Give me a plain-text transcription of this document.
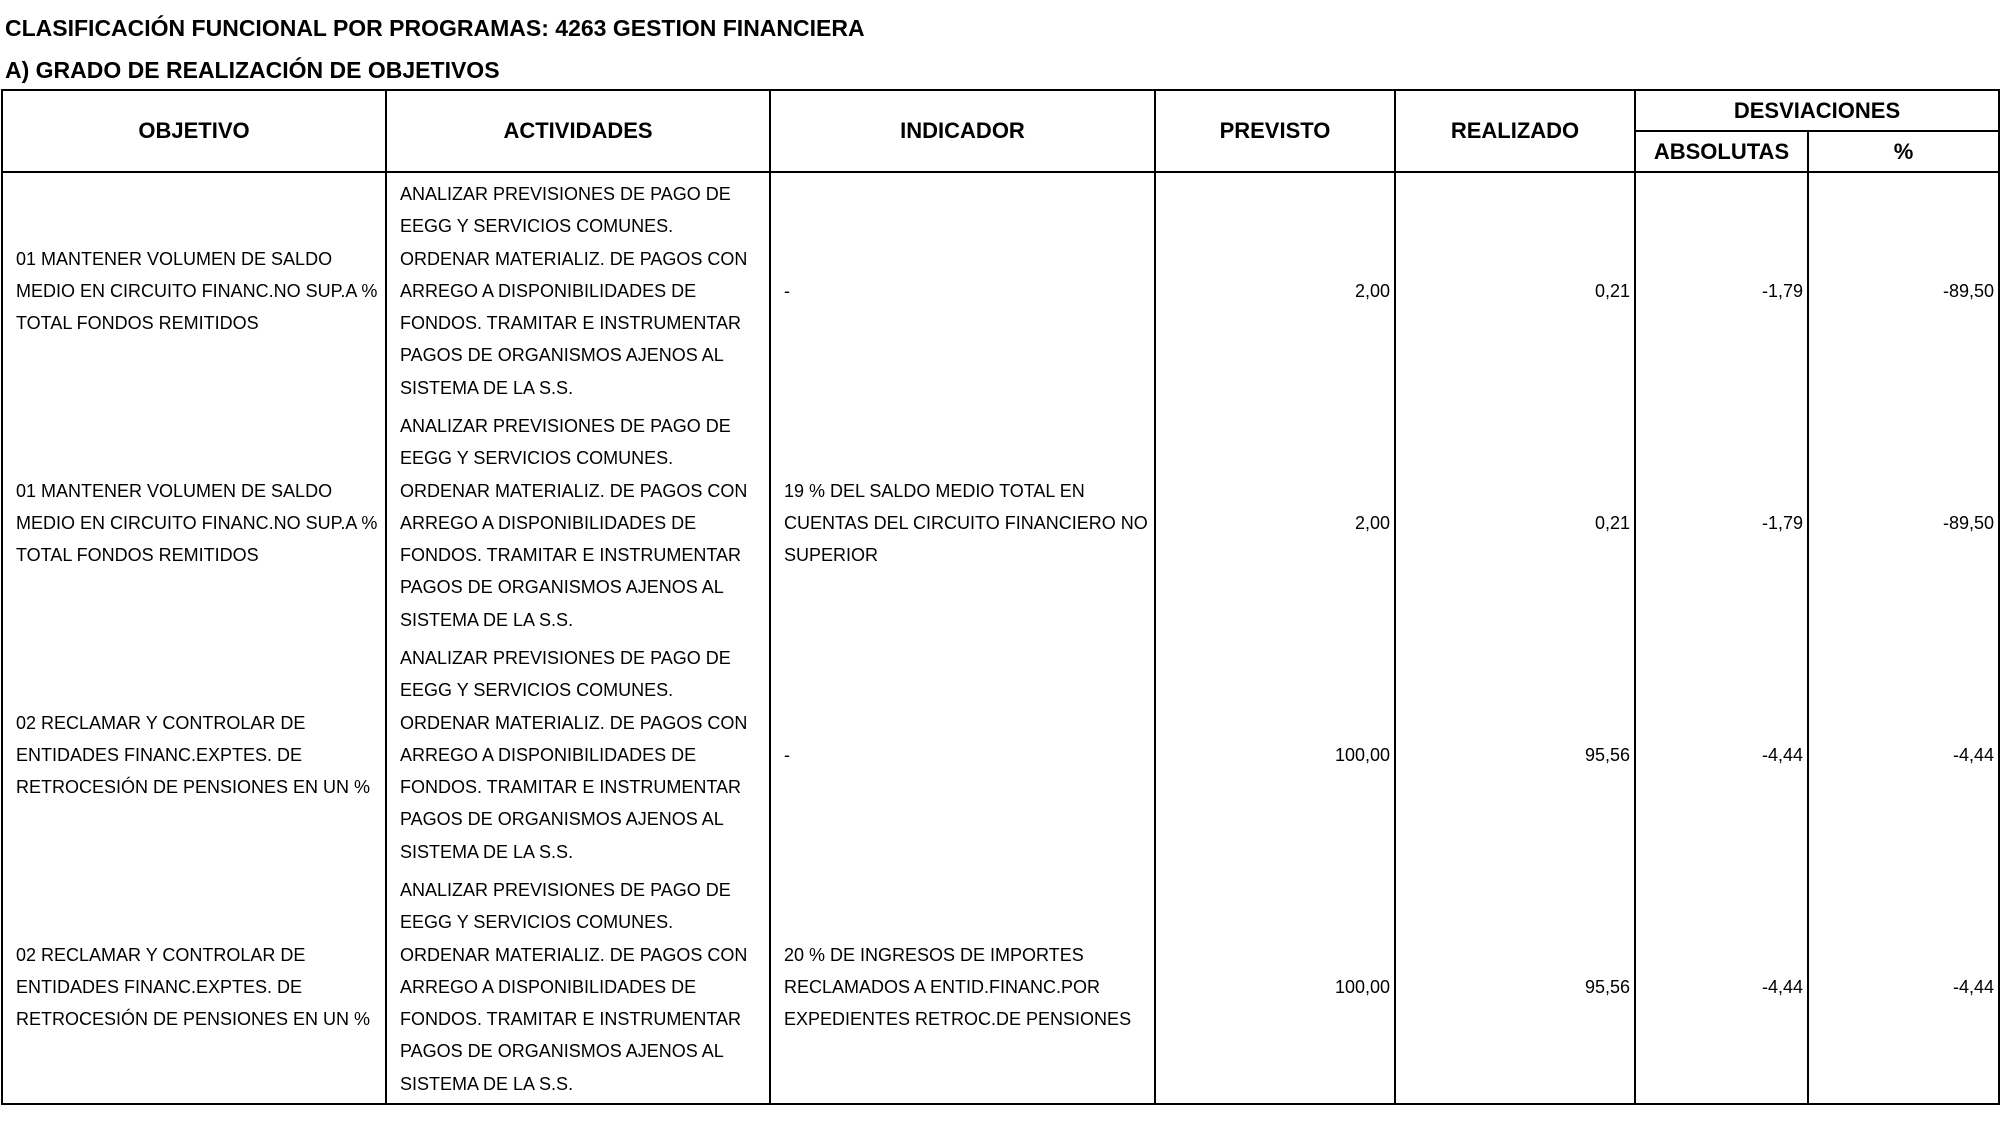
CLASIFICACIÓN FUNCIONAL POR PROGRAMAS: 4263 GESTION FINANCIERA
A) GRADO DE REALIZACIÓN DE OBJETIVOS
OBJETIVO	ACTIVIDADES	INDICADOR	PREVISTO	REALIZADO	DESVIACIONES	
					ABSOLUTAS	%
01 MANTENER VOLUMEN DE SALDO MEDIO EN CIRCUITO FINANC.NO SUP.A % TOTAL FONDOS REMITIDOS	ANALIZAR PREVISIONES DE PAGO DE EEGG Y SERVICIOS COMUNES. ORDENAR MATERIALIZ. DE PAGOS CON ARREGO A DISPONIBILIDADES DE FONDOS. TRAMITAR E INSTRUMENTAR PAGOS DE ORGANISMOS AJENOS AL SISTEMA DE LA S.S.	-	2,00	0,21	-1,79	-89,50
01 MANTENER VOLUMEN DE SALDO MEDIO EN CIRCUITO FINANC.NO SUP.A % TOTAL FONDOS REMITIDOS	ANALIZAR PREVISIONES DE PAGO DE EEGG Y SERVICIOS COMUNES. ORDENAR MATERIALIZ. DE PAGOS CON ARREGO A DISPONIBILIDADES DE FONDOS. TRAMITAR E INSTRUMENTAR PAGOS DE ORGANISMOS AJENOS AL SISTEMA DE LA S.S.	19 % DEL SALDO MEDIO TOTAL EN CUENTAS DEL CIRCUITO FINANCIERO NO SUPERIOR	2,00	0,21	-1,79	-89,50
02 RECLAMAR Y CONTROLAR DE ENTIDADES FINANC.EXPTES. DE RETROCESIÓN DE PENSIONES EN UN %	ANALIZAR PREVISIONES DE PAGO DE EEGG Y SERVICIOS COMUNES. ORDENAR MATERIALIZ. DE PAGOS CON ARREGO A DISPONIBILIDADES DE FONDOS. TRAMITAR E INSTRUMENTAR PAGOS DE ORGANISMOS AJENOS AL SISTEMA DE LA S.S.	-	100,00	95,56	-4,44	-4,44
02 RECLAMAR Y CONTROLAR DE ENTIDADES FINANC.EXPTES. DE RETROCESIÓN DE PENSIONES EN UN %	ANALIZAR PREVISIONES DE PAGO DE EEGG Y SERVICIOS COMUNES. ORDENAR MATERIALIZ. DE PAGOS CON ARREGO A DISPONIBILIDADES DE FONDOS. TRAMITAR E INSTRUMENTAR PAGOS DE ORGANISMOS AJENOS AL SISTEMA DE LA S.S.	20 % DE INGRESOS DE IMPORTES RECLAMADOS A ENTID.FINANC.POR EXPEDIENTES RETROC.DE PENSIONES	100,00	95,56	-4,44	-4,44
